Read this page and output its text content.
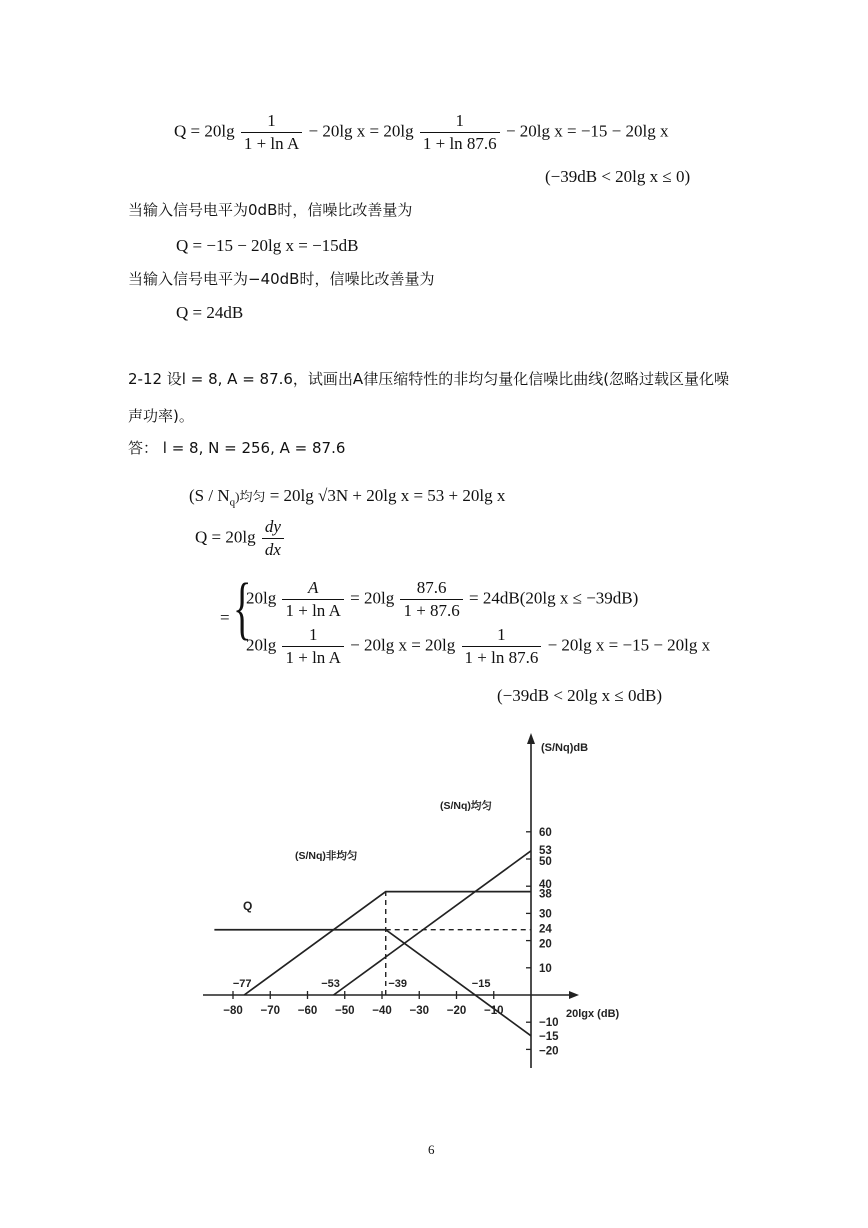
$Q = 20\lg \frac{1}{\text{1 + ln A}} - 20\lg$ $x = 20\lg \frac{1}{1 + \ln 87.6} - 20\lg$ x = −15 − 20lg x
(−39dB < 20lg x ≤ 0)
当输入信号电平为0dB时，信噪比改善量为
Q = −15 − 20lg x = −15dB
当输入信号电平为−40dB时，信噪比改善量为
Q = 24dB
2-12 设l = 8, A = 87.6，试画出A律压缩特性的非均匀量化信噪比曲线(忽略过载区量化噪
声功率)。
答： l = 8, N = 256, A = 87.6
$(S / N_q)$均匀 = 20lg √3N + 20lg x = 53 + 20lg x
$Q = 20\lg \frac{dy}{dx}$
= {
$20\lg \frac{A}{\text{1 + ln A}} = 20\lg \frac{87.6}{1 + 87.6} = 24dB(20\lg$ x ≤ −39dB)
$20\lg \frac{1}{\text{1 + ln A}} - 20\lg$ $x = 20\lg \frac{1}{1 + \ln 87.6} - 20\lg$ x = −15 − 20lg x
(−39dB < 20lg x ≤ 0dB)
−80 −70 −60 −50 −40 −30 −20 −10
60
53
50
40
38
30
24
20
10
−10
−15
−20
−77	−53	−39	−15
(S/Nq)均匀
(S/Nq)非均匀
Q
(S/Nq)dB
20lgx (dB)
6
